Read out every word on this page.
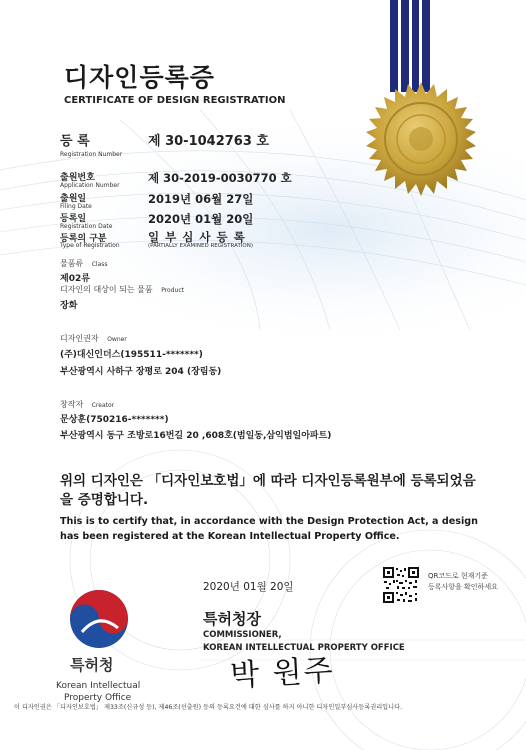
디자인등록증
CERTIFICATE OF DESIGN REGISTRATION
등 록
Registration Number
제 30-1042763 호
출원번호
Application Number
제 30-2019-0030770 호
출원일
Filing Date
2019년 06월 27일
등록일
Registration Date
2020년 01월 20일
등록의 구분
Type of Registration
일 부 심 사 등 록
(PARTIALLY EXAMINED REGISTRATION)
물품류 Class
제02류
디자인의 대상이 되는 물품 Product
장화
디자인권자 Owner
(주)대신인더스(195511-*******)
부산광역시 사하구 장평로 204 (장림동)
창작자 Creator
문상훈(750216-*******)
부산광역시 동구 조방로16번길 20 ,608호(범일동,삼익범일아파트)
위의 디자인은 「디자인보호법」에 따라 디자인등록원부에 등록되었음을 증명합니다.
This is to certify that, in accordance with the Design Protection Act, a design has been registered at the Korean Intellectual Property Office.
2020년 01월 20일
QR코드로 현재기준
등록사항을 확인하세요
특허청장
COMMISSIONER,
KOREAN INTELLECTUAL PROPERTY OFFICE
박 원주
특허청
Korean Intellectual
Property Office
이 디자인권은 「디자인보호법」 제33조(신규성 등), 제46조(선출원) 등의 등록요건에 대한 심사를 하지 아니한 디자인일부심사등록권리입니다.
